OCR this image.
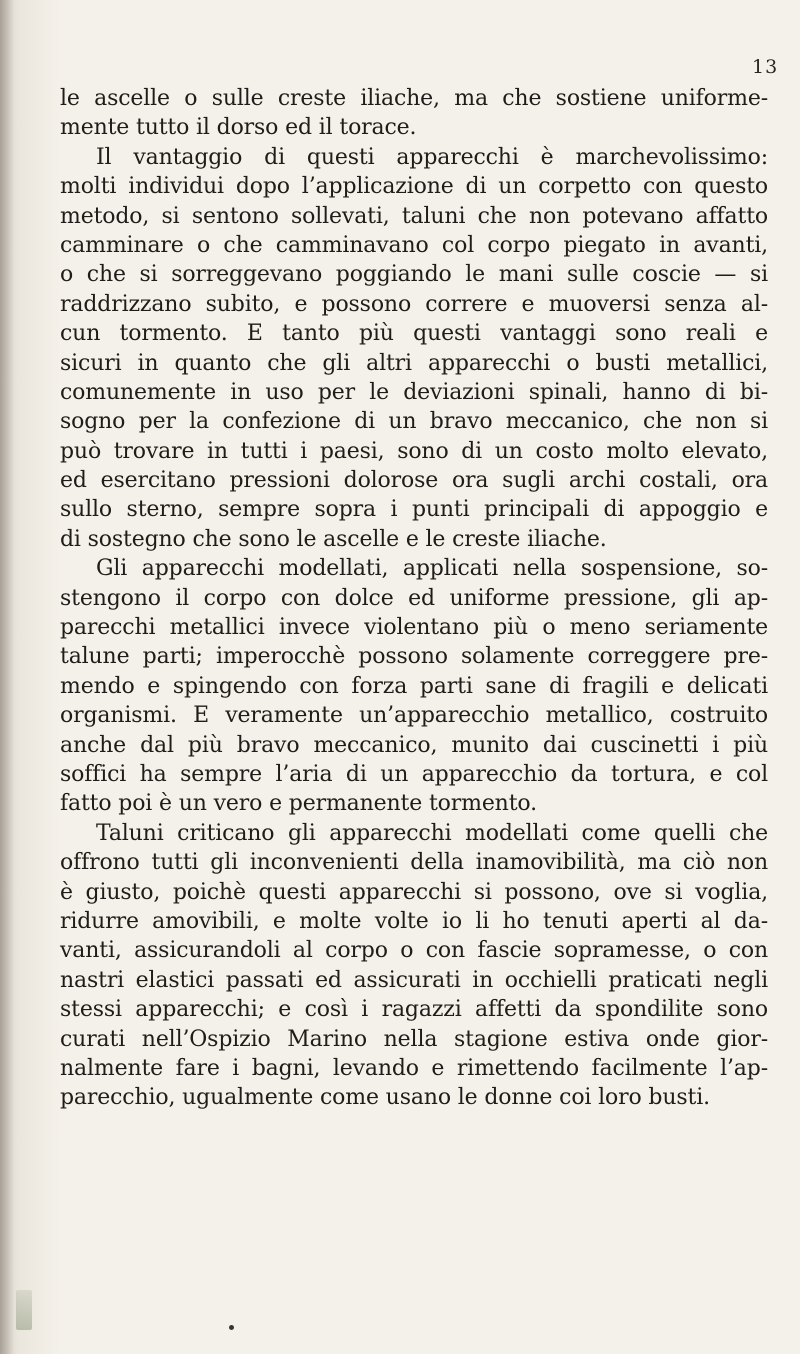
13
le ascelle o sulle creste iliache, ma che sostiene uniforme-
mente tutto il dorso ed il torace.
Il vantaggio di questi apparecchi è marchevolissimo:
molti individui dopo l’applicazione di un corpetto con questo
metodo, si sentono sollevati, taluni che non potevano affatto
camminare o che camminavano col corpo piegato in avanti,
o che si sorreggevano poggiando le mani sulle coscie — si
raddrizzano subito, e possono correre e muoversi senza al-
cun tormento. E tanto più questi vantaggi sono reali e
sicuri in quanto che gli altri apparecchi o busti metallici,
comunemente in uso per le deviazioni spinali, hanno di bi-
sogno per la confezione di un bravo meccanico, che non si
può trovare in tutti i paesi, sono di un costo molto elevato,
ed esercitano pressioni dolorose ora sugli archi costali, ora
sullo sterno, sempre sopra i punti principali di appoggio e
di sostegno che sono le ascelle e le creste iliache.
Gli apparecchi modellati, applicati nella sospensione, so-
stengono il corpo con dolce ed uniforme pressione, gli ap-
parecchi metallici invece violentano più o meno seriamente
talune parti; imperocchè possono solamente correggere pre-
mendo e spingendo con forza parti sane di fragili e delicati
organismi. E veramente un’apparecchio metallico, costruito
anche dal più bravo meccanico, munito dai cuscinetti i più
soffici ha sempre l’aria di un apparecchio da tortura, e col
fatto poi è un vero e permanente tormento.
Taluni criticano gli apparecchi modellati come quelli che
offrono tutti gli inconvenienti della inamovibilità, ma ciò non
è giusto, poichè questi apparecchi si possono, ove si voglia,
ridurre amovibili, e molte volte io li ho tenuti aperti al da-
vanti, assicurandoli al corpo o con fascie sopramesse, o con
nastri elastici passati ed assicurati in occhielli praticati negli
stessi apparecchi; e così i ragazzi affetti da spondilite sono
curati nell’Ospizio Marino nella stagione estiva onde gior-
nalmente fare i bagni, levando e rimettendo facilmente l’ap-
parecchio, ugualmente come usano le donne coi loro busti.
